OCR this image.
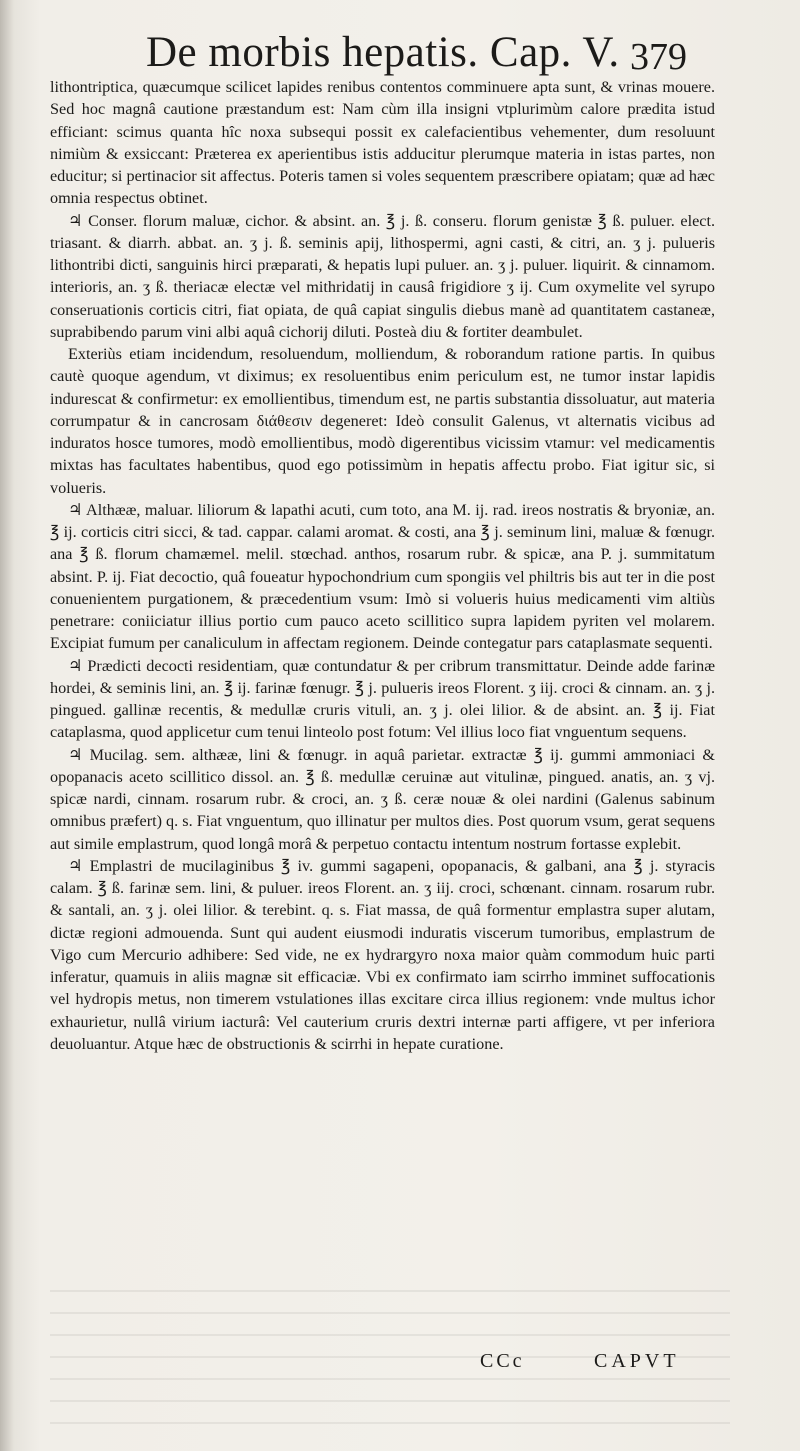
De morbis hepatis. Cap. V. 379

lithontriptica, quæcumque scilicet lapides renibus contentos comminuere apta sunt, & vrinas mouere. Sed hoc magnâ cautione præstandum est: Nam cùm illa insigni vtplurimùm calore prædita istud efficiant: scimus quanta hîc noxa subsequi possit ex calefacientibus vehementer, dum resoluunt nimiùm & exsiccant: Præterea ex aperientibus istis adducitur plerumque materia in istas partes, non educitur; si pertinacior sit affectus. Poteris tamen si voles sequentem præscribere opiatam; quæ ad hæc omnia respectus obtinet.

♃ Conser. florum maluæ, cichor. & absint. an. ℥ j. ß. conseru. florum genistæ ℥ ß. puluer. elect. triasant. & diarrh. abbat. an. ʒ j. ß. seminis apij, lithospermi, agni casti, & citri, an. ʒ j. pulueris lithontribi dicti, sanguinis hirci præparati, & hepatis lupi puluer. an. ʒ j. puluer. liquirit. & cinnamom. interioris, an. ʒ ß. theriacæ electæ vel mithridatij in causâ frigidiore ʒ ij. Cum oxymelite vel syrupo conseruationis corticis citri, fiat opiata, de quâ capiat singulis diebus manè ad quantitatem castaneæ, suprabibendo parum vini albi aquâ cichorij diluti. Posteà diu & fortiter deambulet.

Exteriùs etiam incidendum, resoluendum, molliendum, & roborandum ratione partis. In quibus cautè quoque agendum, vt diximus; ex resoluentibus enim periculum est, ne tumor instar lapidis indurescat & confirmetur: ex emollientibus, timendum est, ne partis substantia dissoluatur, aut materia corrumpatur & in cancrosam διάθεσιν degeneret: Ideò consulit Galenus, vt alternatis vicibus ad induratos hosce tumores, modò emollientibus, modò digerentibus vicissim vtamur: vel medicamentis mixtas has facultates habentibus, quod ego potissimùm in hepatis affectu probo. Fiat igitur sic, si volueris.

♃ Althææ, maluar. liliorum & lapathi acuti, cum toto, ana M. ij. rad. ireos nostratis & bryoniæ, an. ℥ ij. corticis citri sicci, & tad. cappar. calami aromat. & costi, ana ℥ j. seminum lini, maluæ & fœnugr. ana ℥ ß. florum chamæmel. melil. stœchad. anthos, rosarum rubr. & spicæ, ana P. j. summitatum absint. P. ij. Fiat decoctio, quâ foueatur hypochondrium cum spongiis vel philtris bis aut ter in die post conuenientem purgationem, & præcedentium vsum: Imò si volueris huius medicamenti vim altiùs penetrare: coniiciatur illius portio cum pauco aceto scillitico supra lapidem pyriten vel molarem. Excipiat fumum per canaliculum in affectam regionem. Deinde contegatur pars cataplasmate sequenti.

♃ Prædicti decocti residentiam, quæ contundatur & per cribrum transmittatur. Deinde adde farinæ hordei, & seminis lini, an. ℥ ij. farinæ fœnugr. ℥ j. pulueris ireos Florent. ʒ iij. croci & cinnam. an. ʒ j. pingued. gallinæ recentis, & medullæ cruris vituli, an. ʒ j. olei lilior. & de absint. an. ℥ ij. Fiat cataplasma, quod applicetur cum tenui linteolo post fotum: Vel illius loco fiat vnguentum sequens.

♃ Mucilag. sem. althææ, lini & fœnugr. in aquâ parietar. extractæ ℥ ij. gummi ammoniaci & opopanacis aceto scillitico dissol. an. ℥ ß. medullæ ceruinæ aut vitulinæ, pingued. anatis, an. ʒ vj. spicæ nardi, cinnam. rosarum rubr. & croci, an. ʒ ß. ceræ nouæ & olei nardini (Galenus sabinum omnibus præfert) q. s. Fiat vnguentum, quo illinatur per multos dies. Post quorum vsum, gerat sequens aut simile emplastrum, quod longâ morâ & perpetuo contactu intentum nostrum fortasse explebit.

♃ Emplastri de mucilaginibus ℥ iv. gummi sagapeni, opopanacis, & galbani, ana ℥ j. styracis calam. ℥ ß. farinæ sem. lini, & puluer. ireos Florent. an. ʒ iij. croci, schœnant. cinnam. rosarum rubr. & santali, an. ʒ j. olei lilior. & terebint. q. s. Fiat massa, de quâ formentur emplastra super alutam, dictæ regioni admouenda. Sunt qui audent eiusmodi induratis viscerum tumoribus, emplastrum de Vigo cum Mercurio adhibere: Sed vide, ne ex hydrargyro noxa maior quàm commodum huic parti inferatur, quamuis in aliis magnæ sit efficaciæ. Vbi ex confirmato iam scirrho imminet suffocationis vel hydropis metus, non timerem vstulationes illas excitare circa illius regionem: vnde multus ichor exhaurietur, nullâ virium iacturâ: Vel cauterium cruris dextri internæ parti affigere, vt per inferiora deuoluantur. Atque hæc de obstructionis & scirrhi in hepate curatione.

CCc	CAPVT
